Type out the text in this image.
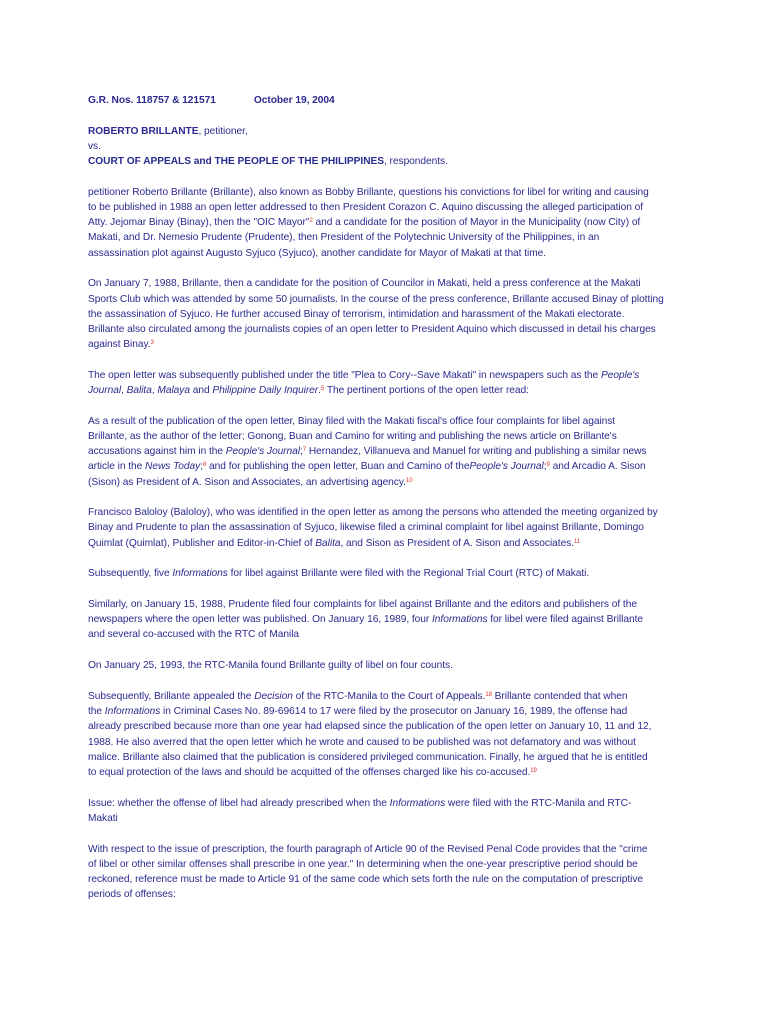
G.R. Nos. 118757 & 121571	October 19, 2004

ROBERTO BRILLANTE, petitioner,

vs.

COURT OF APPEALS and THE PEOPLE OF THE PHILIPPINES, respondents.

petitioner Roberto Brillante (Brillante), also known as Bobby Brillante, questions his convictions for libel for writing and causing

to be published in 1988 an open letter addressed to then President Corazon C. Aquino discussing the alleged participation of

Atty. Jejomar Binay (Binay), then the "OIC Mayor"$^2$ and a candidate for the position of Mayor in the Municipality (now City) of

Makati, and Dr. Nemesio Prudente (Prudente), then President of the Polytechnic University of the Philippines, in an

assassination plot against Augusto Syjuco (Syjuco), another candidate for Mayor of Makati at that time.

On January 7, 1988, Brillante, then a candidate for the position of Councilor in Makati, held a press conference at the Makati

Sports Club which was attended by some 50 journalists. In the course of the press conference, Brillante accused Binay of plotting

the assassination of Syjuco. He further accused Binay of terrorism, intimidation and harassment of the Makati electorate.

Brillante also circulated among the journalists copies of an open letter to President Aquino which discussed in detail his charges

against Binay.$^3$

The open letter was subsequently published under the title "Plea to Cory--Save Makati" in newspapers such as the People's

Journal, Balita, Malaya and Philippine Daily Inquirer.$^5$ The pertinent portions of the open letter read:

As a result of the publication of the open letter, Binay filed with the Makati fiscal's office four complaints for libel against

Brillante, as the author of the letter; Gonong, Buan and Camino for writing and publishing the news article on Brillante's

accusations against him in the People's Journal;$^7$ Hernandez, Villanueva and Manuel for writing and publishing a similar news

article in the News Today;$^8$ and for publishing the open letter, Buan and Camino of thePeople's Journal;$^9$ and Arcadio A. Sison

(Sison) as President of A. Sison and Associates, an advertising agency.$^{10}$

Francisco Baloloy (Baloloy), who was identified in the open letter as among the persons who attended the meeting organized by

Binay and Prudente to plan the assassination of Syjuco, likewise filed a criminal complaint for libel against Brillante, Domingo

Quimlat (Quimlat), Publisher and Editor-in-Chief of Balita, and Sison as President of A. Sison and Associates.$^{11}$

Subsequently, five Informations for libel against Brillante were filed with the Regional Trial Court (RTC) of Makati.

Similarly, on January 15, 1988, Prudente filed four complaints for libel against Brillante and the editors and publishers of the

newspapers where the open letter was published. On January 16, 1989, four Informations for libel were filed against Brillante

and several co-accused with the RTC of Manila

On January 25, 1993, the RTC-Manila found Brillante guilty of libel on four counts.

Subsequently, Brillante appealed the Decision of the RTC-Manila to the Court of Appeals.$^{18}$ Brillante contended that when

the Informations in Criminal Cases No. 89-69614 to 17 were filed by the prosecutor on January 16, 1989, the offense had

already prescribed because more than one year had elapsed since the publication of the open letter on January 10, 11 and 12,

1988. He also averred that the open letter which he wrote and caused to be published was not defamatory and was without

malice. Brillante also claimed that the publication is considered privileged communication. Finally, he argued that he is entitled

to equal protection of the laws and should be acquitted of the offenses charged like his co-accused.$^{19}$

Issue: whether the offense of libel had already prescribed when the Informations were filed with the RTC-Manila and RTC-

Makati

With respect to the issue of prescription, the fourth paragraph of Article 90 of the Revised Penal Code provides that the "crime

of libel or other similar offenses shall prescribe in one year." In determining when the one-year prescriptive period should be

reckoned, reference must be made to Article 91 of the same code which sets forth the rule on the computation of prescriptive

periods of offenses:
